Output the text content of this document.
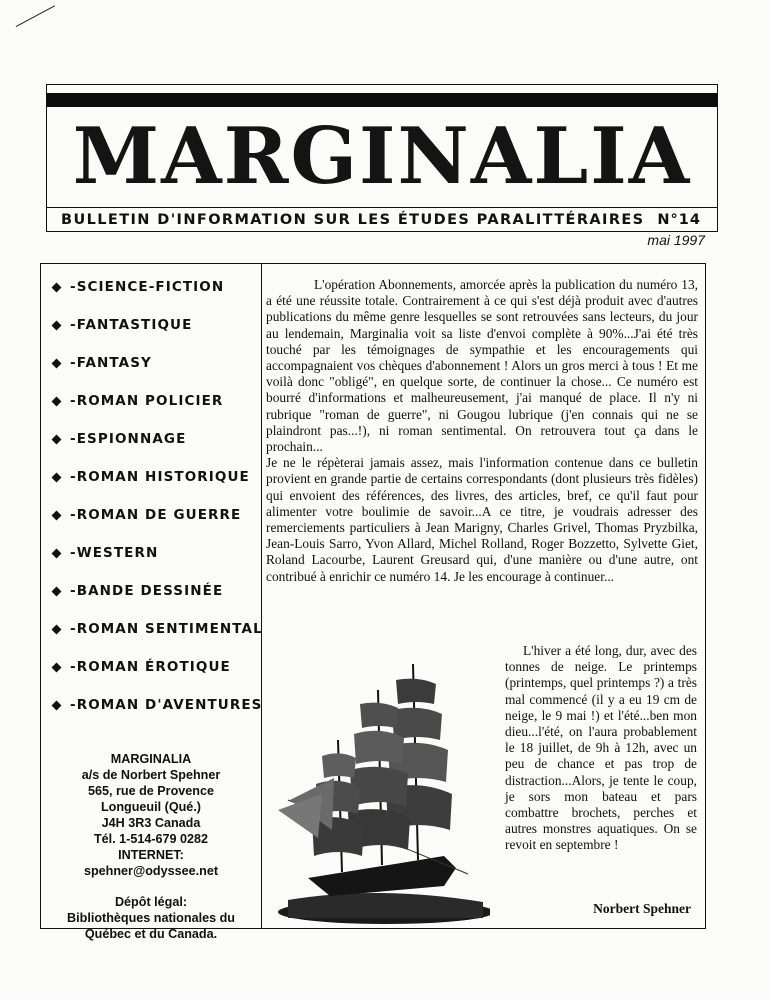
MARGINALIA
BULLETIN D'INFORMATION SUR LES ÉTUDES PARALITTÉRAIRES N°14
mai 1997
- SCIENCE-FICTION
- FANTASTIQUE
- FANTASY
- ROMAN POLICIER
- ESPIONNAGE
- ROMAN HISTORIQUE
- ROMAN DE GUERRE
- WESTERN
- BANDE DESSINÉE
- ROMAN SENTIMENTAL
- ROMAN ÉROTIQUE
- ROMAN D'AVENTURES
MARGINALIA
a/s de Norbert Spehner
565, rue de Provence
Longueuil (Qué.)
J4H 3R3 Canada
Tél. 1-514-679 0282
INTERNET:
spehner@odyssee.net
Dépôt légal:
Bibliothèques nationales du
Québec et du Canada.

L'opération Abonnements, amorcée après la publication du numéro 13, a été une réussite totale. Contrairement à ce qui s'est déjà produit avec d'autres publications du même genre lesquelles se sont retrouvées sans lecteurs, du jour au lendemain, Marginalia voit sa liste d'envoi complète à 90%...J'ai été très touché par les témoignages de sympathie et les encouragements qui accompagnaient vos chèques d'abonnement ! Alors un gros merci à tous ! Et me voilà donc "obligé", en quelque sorte, de continuer la chose... Ce numéro est bourré d'informations et malheureusement, j'ai manqué de place. Il n'y ni rubrique "roman de guerre", ni Gougou lubrique (j'en connais qui ne se plaindront pas...!), ni roman sentimental. On retrouvera tout ça dans le prochain...

Je ne le répèterai jamais assez, mais l'information contenue dans ce bulletin provient en grande partie de certains correspondants (dont plusieurs très fidèles) qui envoient des références, des livres, des articles, bref, ce qu'il faut pour alimenter votre boulimie de savoir...A ce titre, je voudrais adresser des remerciements particuliers à Jean Marigny, Charles Grivel, Thomas Pryzbilka, Jean-Louis Sarro, Yvon Allard, Michel Rolland, Roger Bozzetto, Sylvette Giet, Roland Lacourbe, Laurent Greusard qui, d'une manière ou d'une autre, ont contribué à enrichir ce numéro 14. Je les encourage à continuer...

L'hiver a été long, dur, avec des tonnes de neige. Le printemps (printemps, quel printemps ?) a très mal commencé (il y a eu 19 cm de neige, le 9 mai !) et l'été...ben mon dieu...l'été, on l'aura probablement le 18 juillet, de 9h à 12h, avec un peu de chance et pas trop de distraction...Alors, je tente le coup, je sors mon bateau et pars combattre brochets, perches et autres monstres aquatiques. On se revoit en septembre !

Norbert Spehner
